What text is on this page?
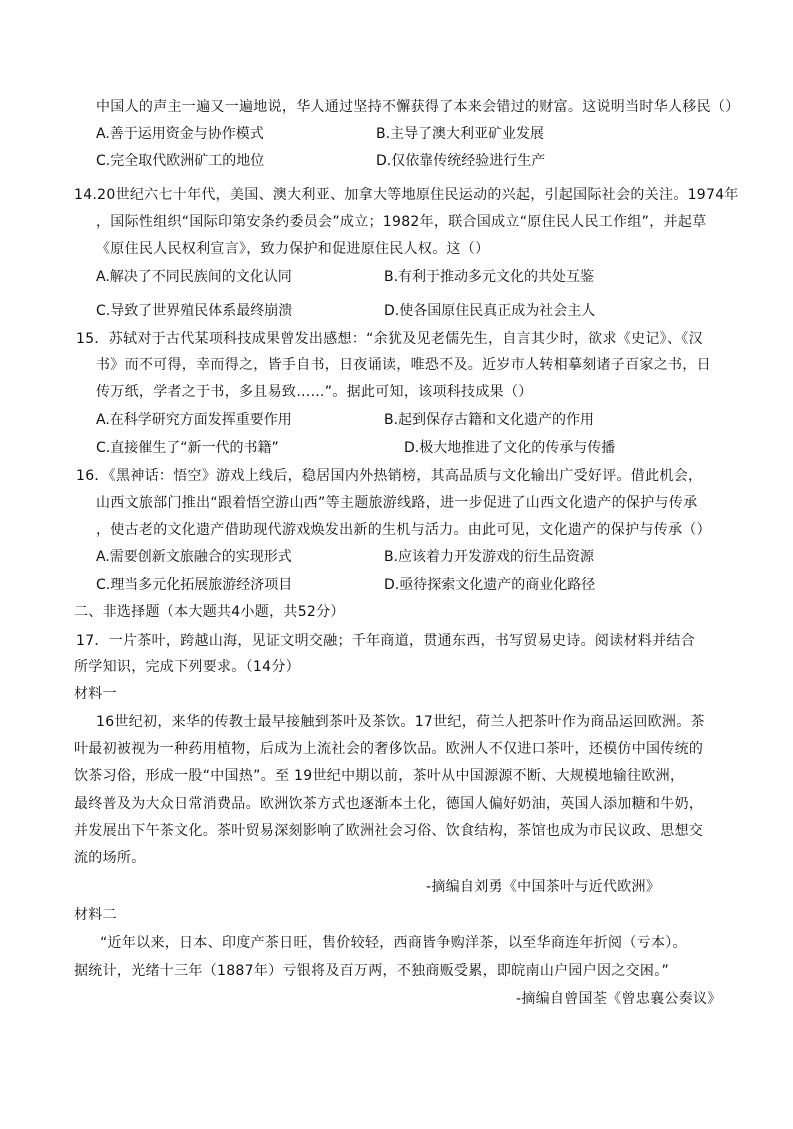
中国人的声主一遍又一遍地说，华人通过坚持不懈获得了本来会错过的财富。这说明当时华人移民（）
A.善于运用资金与协作模式	B.主导了澳大利亚矿业发展
C.完全取代欧洲矿工的地位	D.仅依靠传统经验进行生产
14.20世纪六七十年代，美国、澳大利亚、加拿大等地原住民运动的兴起，引起国际社会的关注。1974年
，国际性组织“国际印第安条约委员会”成立；1982年，联合国成立“原住民人民工作组”，并起草
《原住民人民权利宣言》，致力保护和促进原住民人权。这（）
A.解决了不同民族间的文化认同	B.有利于推动多元文化的共处互鉴
C.导致了世界殖民体系最终崩溃	D.使各国原住民真正成为社会主人
15．苏轼对于古代某项科技成果曾发出感想：“余犹及见老儒先生，自言其少时，欲求《史记》、《汉
书》而不可得，幸而得之，皆手自书，日夜诵读，唯恐不及。近岁市人转相摹刻诸子百家之书，日
传万纸，学者之于书，多且易致……”。据此可知，该项科技成果（）
A.在科学研究方面发挥重要作用	B.起到保存古籍和文化遗产的作用
C.直接催生了“新一代的书籍”	D.极大地推进了文化的传承与传播
16．《黑神话：悟空》游戏上线后，稳居国内外热销榜，其高品质与文化输出广受好评。借此机会，
山西文旅部门推出“跟着悟空游山西”等主题旅游线路，进一步促进了山西文化遗产的保护与传承
，使古老的文化遗产借助现代游戏焕发出新的生机与活力。由此可见，文化遗产的保护与传承（）
A.需要创新文旅融合的实现形式	B.应该着力开发游戏的衍生品资源
C.理当多元化拓展旅游经济项目	D.亟待探索文化遗产的商业化路径
二、非选择题（本大题共4小题，共52分）
17．一片茶叶，跨越山海，见证文明交融；千年商道，贯通东西，书写贸易史诗。阅读材料并结合
所学知识，完成下列要求。（14分）
材料一
16世纪初，来华的传教士最早接触到茶叶及茶饮。17世纪，荷兰人把茶叶作为商品运回欧洲。茶
叶最初被视为一种药用植物，后成为上流社会的奢侈饮品。欧洲人不仅进口茶叶，还模仿中国传统的
饮茶习俗，形成一股“中国热”。至 19世纪中期以前，茶叶从中国源源不断、大规模地输往欧洲，
最终普及为大众日常消费品。欧洲饮茶方式也逐渐本土化，德国人偏好奶油，英国人添加糖和牛奶，
并发展出下午茶文化。茶叶贸易深刻影响了欧洲社会习俗、饮食结构，茶馆也成为市民议政、思想交
流的场所。
-摘编自刘勇《中国茶叶与近代欧洲》
材料二
“近年以来，日本、印度产茶日旺，售价较轻，西商皆争购洋茶，以至华商连年折阅（亏本）。
据统计，光绪十三年（1887年）亏银将及百万两，不独商贩受累，即皖南山户园户因之交困。”
-摘编自曾国荃《曾忠襄公奏议》
